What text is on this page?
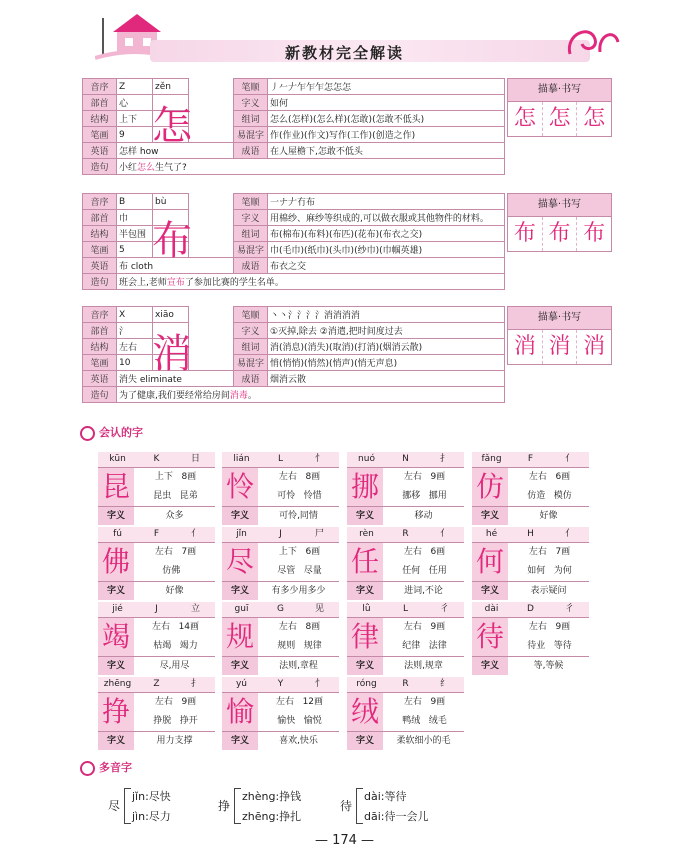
新教材完全解读
音序	Z	zěn		笔顺	丿𠂉𠂇乍乍乍怎怎怎
部首	心			字义	如何
结构	上下			组词	怎么(怎样)(怎么样)(怎敢)(怎敢不低头)
笔画	9			易混字	作(作业)(作文)写作(工作)(创造之作)
英语	怎样 how			成语	在人屋檐下,怎敢不低头
造句	小红怎么生气了?				
怎
描摹·书写
怎 怎 怎
音序	B	bù		笔顺	一ナ𠂇冇布
部首	巾			字义	用棉纱、麻纱等织成的,可以做衣服或其他物件的材料。
结构	半包围			组词	布(棉布)(布料)(布匹)(花布)(布衣之交)
笔画	5			易混字	巾(毛巾)(纸巾)(头巾)(纱巾)(巾帼英雄)
英语	布 cloth			成语	布衣之交
造句	班会上,老师宣布了参加比赛的学生名单。				
布
描摹·书写
布 布 布
音序	X	xiāo		笔顺	丶丶氵氵氵氵消消消消
部首	氵			字义	①灭掉,除去 ②消遣,把时间度过去
结构	左右			组词	消(消息)(消失)(取消)(打消)(烟消云散)
笔画	10			易混字	悄(悄悄)(悄然)(悄声)(悄无声息)
英语	消失 eliminate			成语	烟消云散
造句	为了健康,我们要经常给房间消毒。				
消
描摹·书写
消 消 消
会认的字
kūn	K	日
昆	上下 8画
昆虫 昆弟
字义	众多
lián	L	忄
怜	左右 8画
可怜 怜惜
字义	可怜,同情
nuó	N	扌
挪	左右 9画
挪移 挪用
字义	移动
fǎng	F	亻
仿	左右 6画
仿造 模仿
字义	好像
fú	F	亻
佛	左右 7画
仿佛
字义	好像
jǐn	J	尸
尽	上下 6画
尽管 尽量
字义	有多少用多少
rèn	R	亻
任	左右 6画
任何 任用
字义	进词,不论
hé	H	亻
何	左右 7画
如何 为何
字义	表示疑问
jié	J	立
竭	左右 14画
枯竭 竭力
字义	尽,用尽
guī	G	见
规	左右 8画
规则 规律
字义	法则,章程
lǜ	L	彳
律	左右 9画
纪律 法律
字义	法则,规章
dài	D	彳
待	左右 9画
待业 等待
字义	等,等候
zhēng	Z	扌
挣	左右 9画
挣脱 挣开
字义	用力支撑
yú	Y	忄
愉	左右 12画
愉快 愉悦
字义	喜欢,快乐
róng	R	纟
绒	左右 9画
鸭绒 绒毛
字义	柔软细小的毛
多音字
尽
jǐn:尽快
jìn:尽力
挣
zhèng:挣钱
zhēng:挣扎
待
dài:等待
dāi:待一会儿
— 174 —
